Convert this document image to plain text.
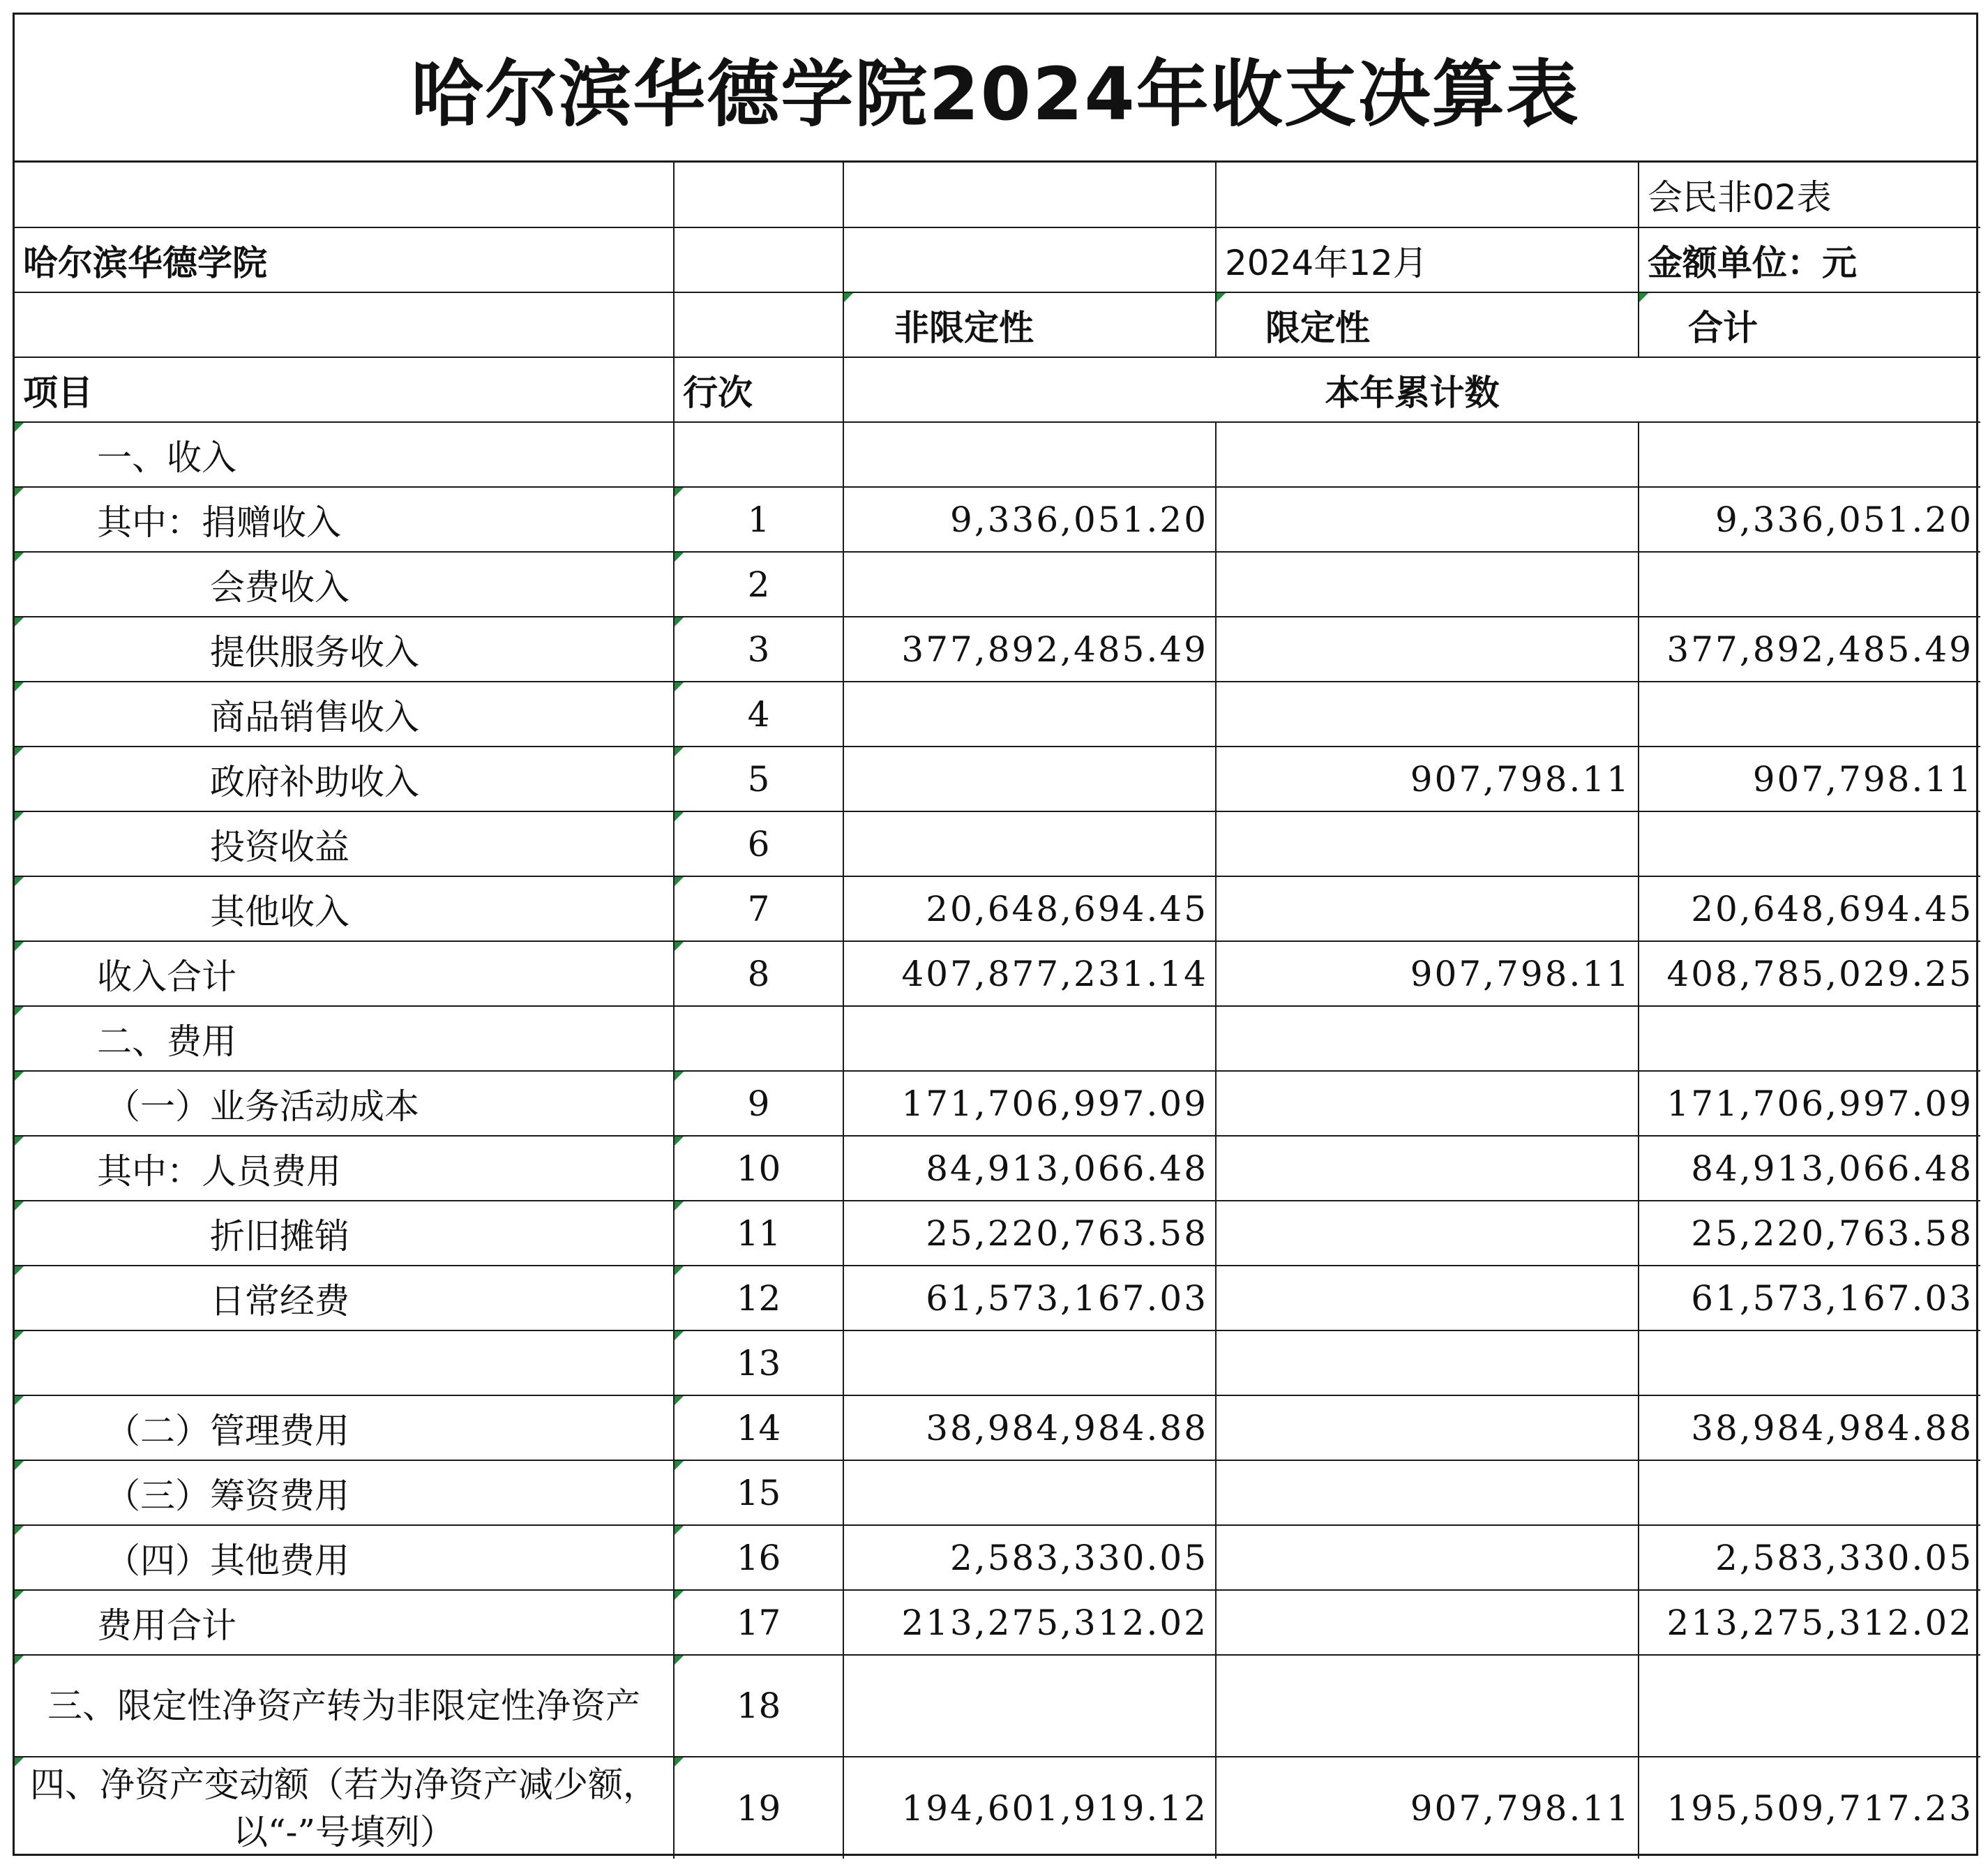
哈尔滨华德学院2024年收支决算表
				会民非02表
哈尔滨华德学院			2024年12月	金额单位：元
		非限定性	限定性	合计
项目	行次	本年累计数		
一、收入				
其中：捐赠收入	1	9,336,051.20		9,336,051.20
会费收入	2			
提供服务收入	3	377,892,485.49		377,892,485.49
商品销售收入	4			
政府补助收入	5		907,798.11	907,798.11
投资收益	6			
其他收入	7	20,648,694.45		20,648,694.45
收入合计	8	407,877,231.14	907,798.11	408,785,029.25
二、费用				
（一）业务活动成本	9	171,706,997.09		171,706,997.09
其中：人员费用	10	84,913,066.48		84,913,066.48
折旧摊销	11	25,220,763.58		25,220,763.58
日常经费	12	61,573,167.03		61,573,167.03
	13			
（二）管理费用	14	38,984,984.88		38,984,984.88
（三）筹资费用	15			
（四）其他费用	16	2,583,330.05		2,583,330.05
费用合计	17	213,275,312.02		213,275,312.02
三、限定性净资产转为非限定性净资产	18			
四、净资产变动额（若为净资产减少额，以“-”号填列）	19	194,601,919.12	907,798.11	195,509,717.23
